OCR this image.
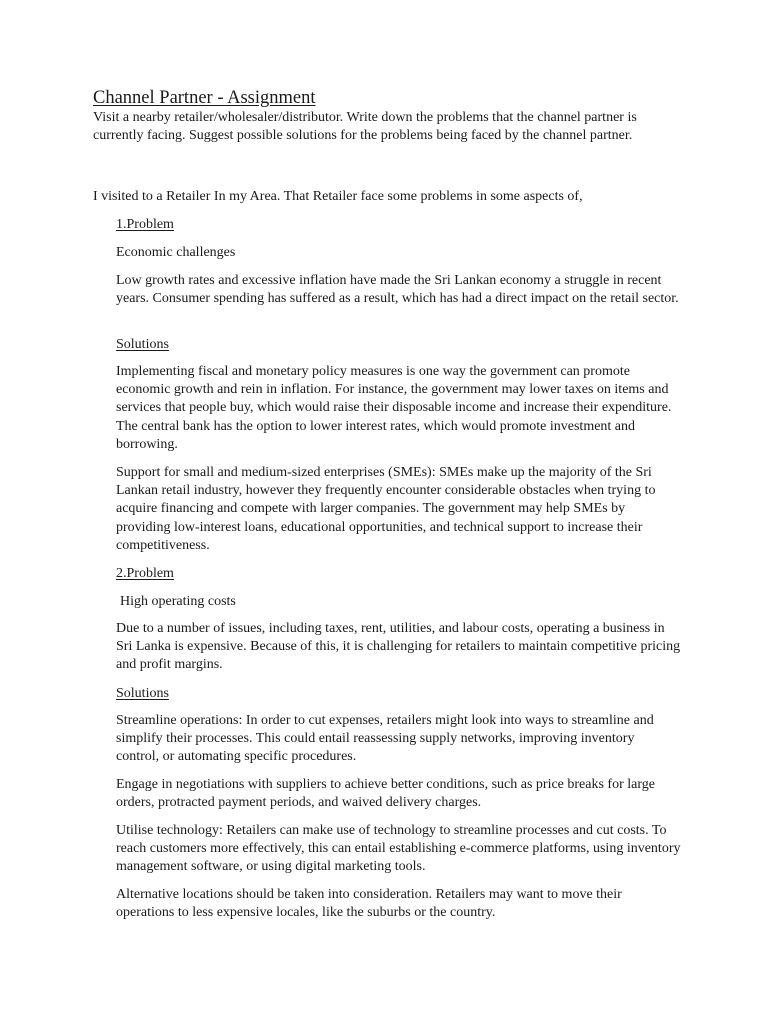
Channel Partner - Assignment

Visit a nearby retailer/wholesaler/distributor. Write down the problems that the channel partner is currently facing. Suggest possible solutions for the problems being faced by the channel partner.

I visited to a Retailer In my Area. That Retailer face some problems in some aspects of,

1.Problem

Economic challenges

Low growth rates and excessive inflation have made the Sri Lankan economy a struggle in recent years. Consumer spending has suffered as a result, which has had a direct impact on the retail sector.

Solutions

Implementing fiscal and monetary policy measures is one way the government can promote economic growth and rein in inflation. For instance, the government may lower taxes on items and services that people buy, which would raise their disposable income and increase their expenditure. The central bank has the option to lower interest rates, which would promote investment and borrowing.

Support for small and medium-sized enterprises (SMEs): SMEs make up the majority of the Sri Lankan retail industry, however they frequently encounter considerable obstacles when trying to acquire financing and compete with larger companies. The government may help SMEs by providing low-interest loans, educational opportunities, and technical support to increase their competitiveness.

2.Problem

High operating costs

Due to a number of issues, including taxes, rent, utilities, and labour costs, operating a business in Sri Lanka is expensive. Because of this, it is challenging for retailers to maintain competitive pricing and profit margins.

Solutions

Streamline operations: In order to cut expenses, retailers might look into ways to streamline and simplify their processes. This could entail reassessing supply networks, improving inventory control, or automating specific procedures.

Engage in negotiations with suppliers to achieve better conditions, such as price breaks for large orders, protracted payment periods, and waived delivery charges.

Utilise technology: Retailers can make use of technology to streamline processes and cut costs. To reach customers more effectively, this can entail establishing e-commerce platforms, using inventory management software, or using digital marketing tools.

Alternative locations should be taken into consideration. Retailers may want to move their operations to less expensive locales, like the suburbs or the country.
